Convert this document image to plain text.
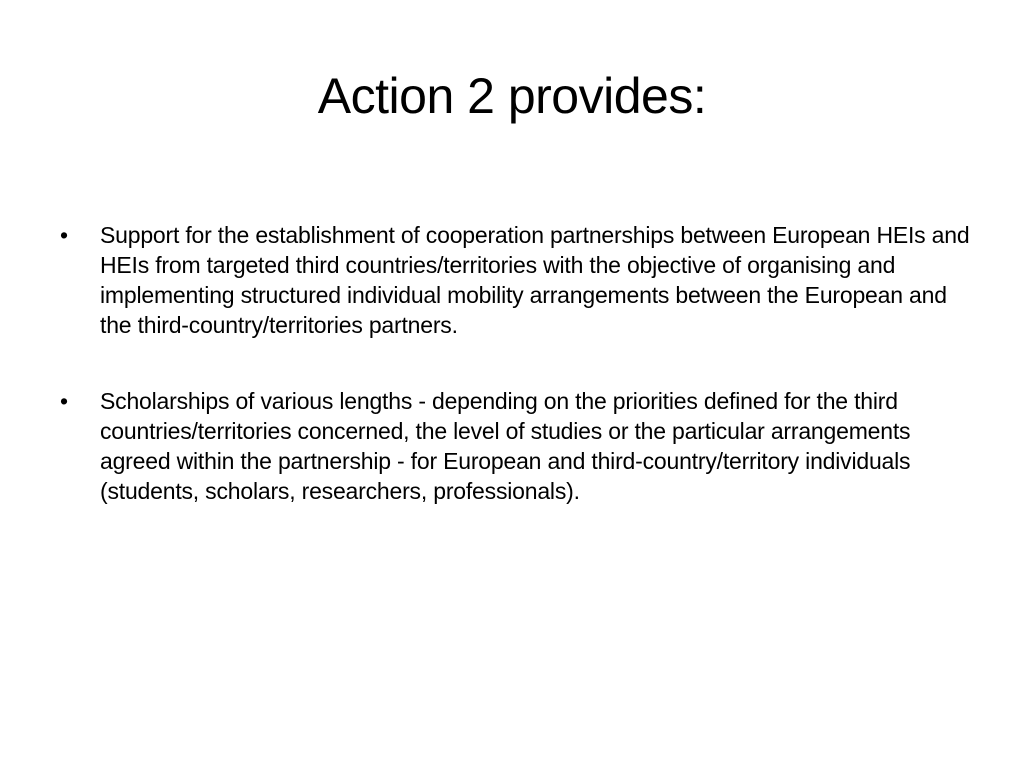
Action 2 provides:
• Support for the establishment of cooperation partnerships between European HEIs and HEIs from targeted third countries/territories with the objective of organising and implementing structured individual mobility arrangements between the European and the third-country/territories partners.
• Scholarships of various lengths - depending on the priorities defined for the third countries/territories concerned, the level of studies or the particular arrangements agreed within the partnership - for European and third-country/territory individuals (students, scholars, researchers, professionals).
